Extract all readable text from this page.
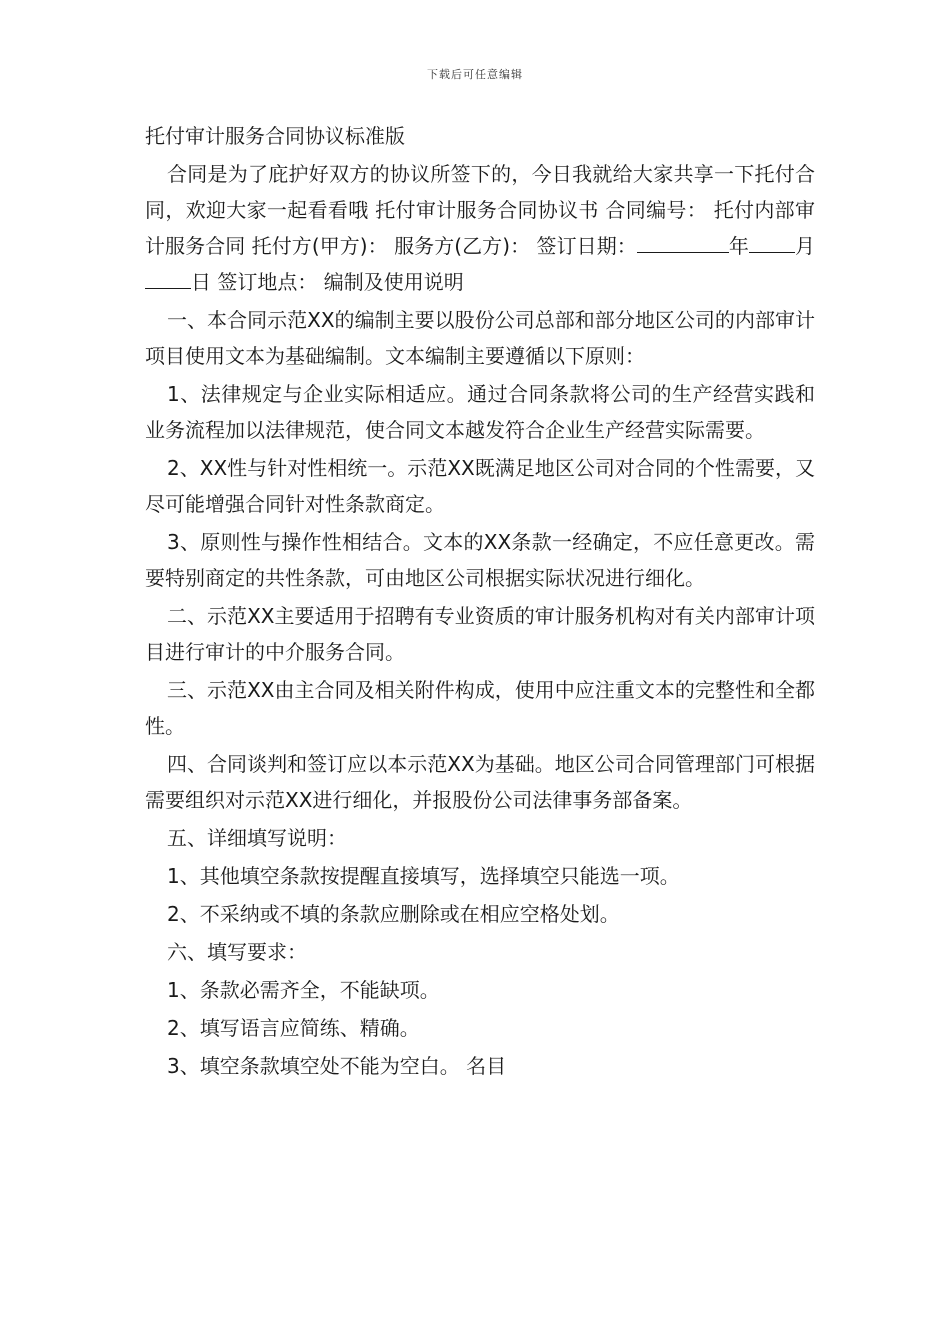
下载后可任意编辑
托付审计服务合同协议标准版

合同是为了庇护好双方的协议所签下的，今日我就给大家共享一下托付合同，欢迎大家一起看看哦 托付审计服务合同协议书 合同编号： 托付内部审计服务合同 托付方(甲方)： 服务方(乙方)： 签订日期：	年 月日 签订地点： 编制及使用说明

一、本合同示范XX的编制主要以股份公司总部和部分地区公司的内部审计项目使用文本为基础编制。文本编制主要遵循以下原则：

1、法律规定与企业实际相适应。通过合同条款将公司的生产经营实践和业务流程加以法律规范，使合同文本越发符合企业生产经营实际需要。

2、XX性与针对性相统一。示范XX既满足地区公司对合同的个性需要，又尽可能增强合同针对性条款商定。

3、原则性与操作性相结合。文本的XX条款一经确定，不应任意更改。需要特别商定的共性条款，可由地区公司根据实际状况进行细化。

二、示范XX主要适用于招聘有专业资质的审计服务机构对有关内部审计项目进行审计的中介服务合同。

三、示范XX由主合同及相关附件构成，使用中应注重文本的完整性和全都性。

四、合同谈判和签订应以本示范XX为基础。地区公司合同管理部门可根据需要组织对示范XX进行细化，并报股份公司法律事务部备案。

五、详细填写说明：

1、其他填空条款按提醒直接填写，选择填空只能选一项。

2、不采纳或不填的条款应删除或在相应空格处划。

六、填写要求：

1、条款必需齐全，不能缺项。

2、填写语言应简练、精确。

3、填空条款填空处不能为空白。 名目
